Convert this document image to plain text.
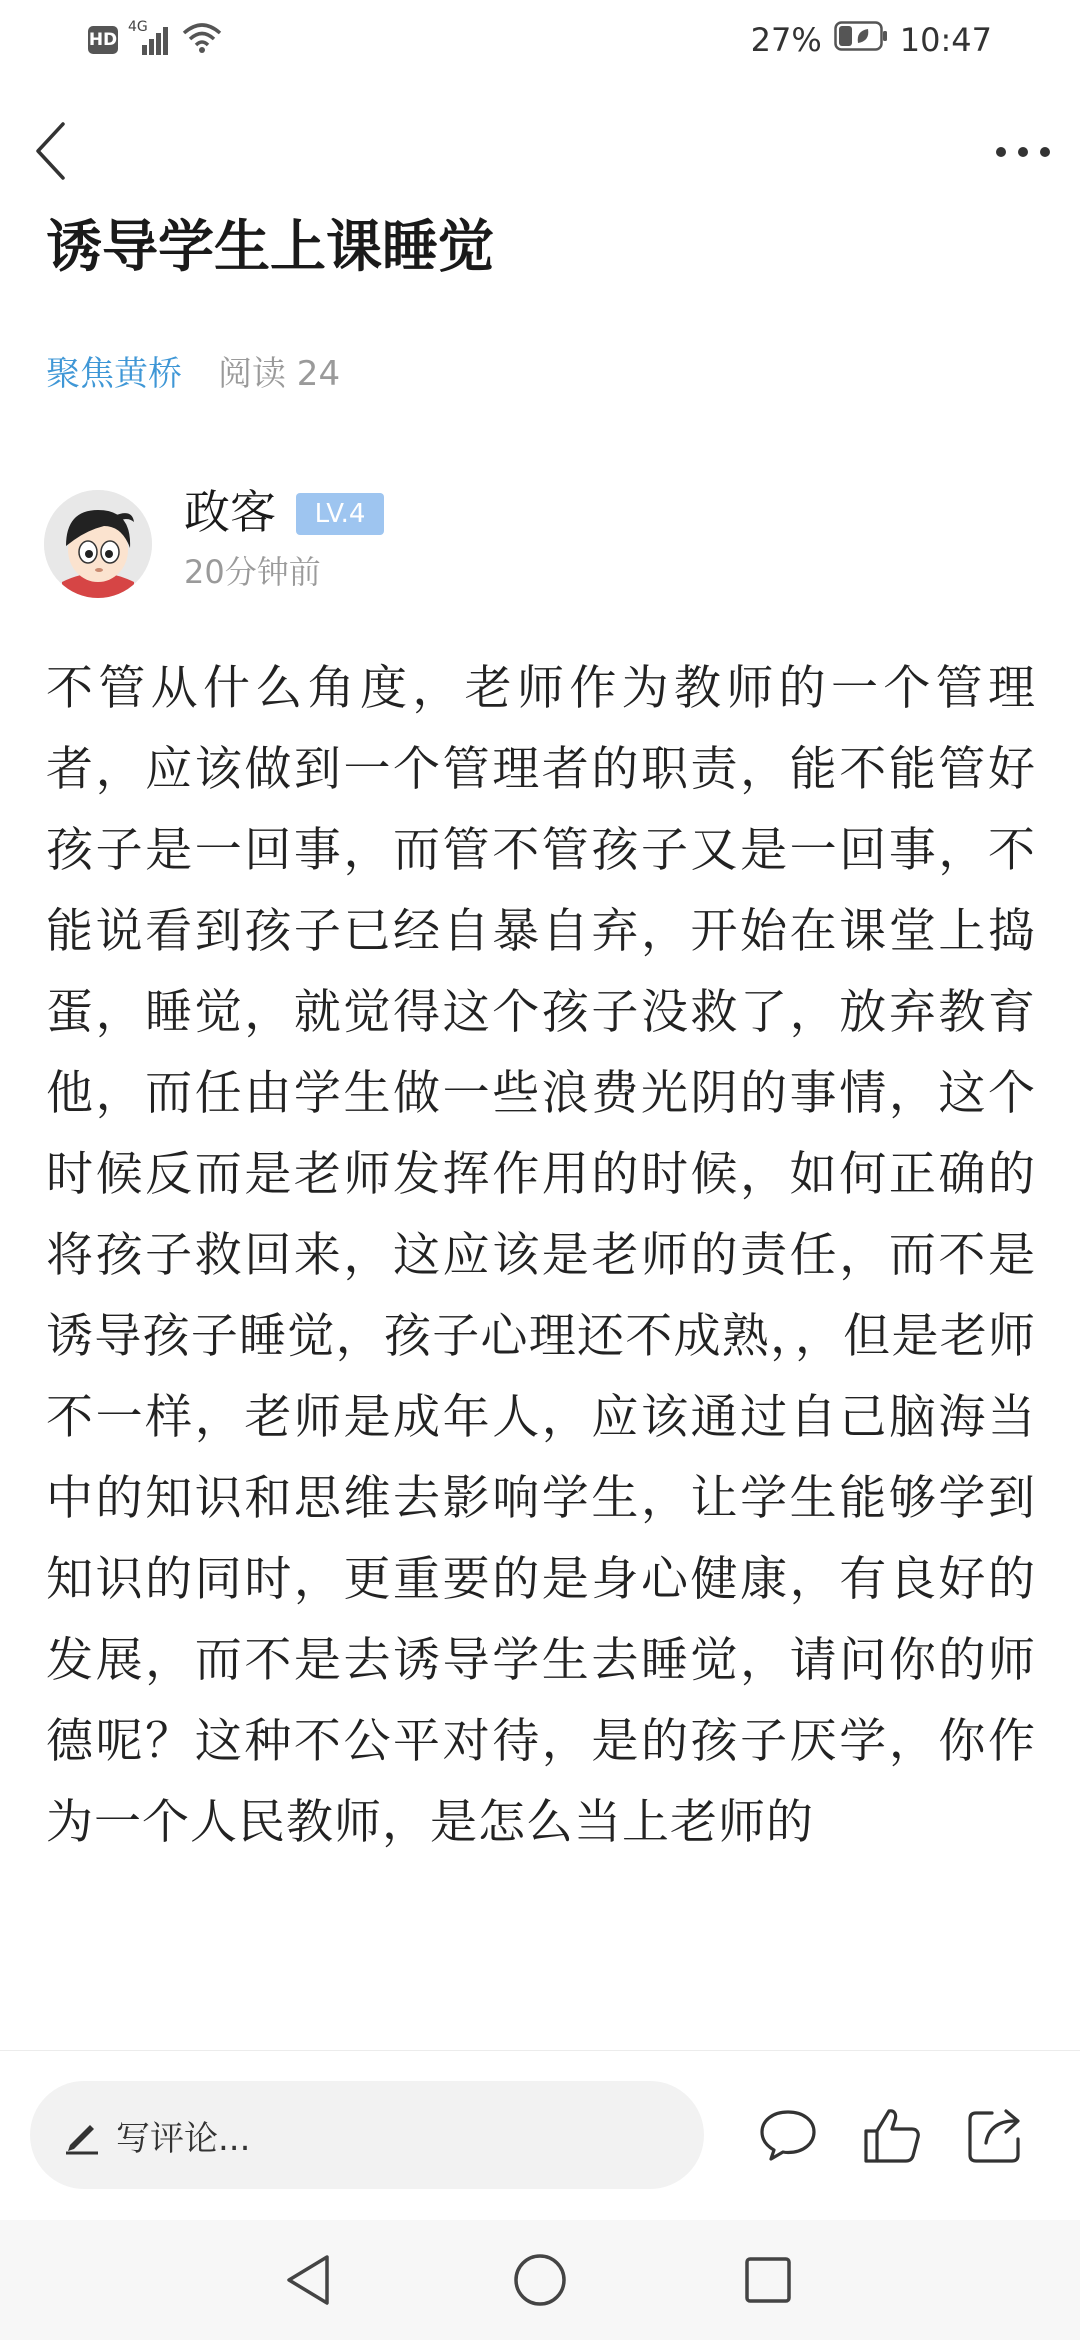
HD
4G	27% 10:47
诱导学生上课睡觉
聚焦黄桥 阅读 24
政客	LV.4
20分钟前
不管从什么角度，老师作为教师的一个管理者，应该做到一个管理者的职责，能不能管好孩子是一回事，而管不管孩子又是一回事，不能说看到孩子已经自暴自弃，开始在课堂上捣蛋，睡觉，就觉得这个孩子没救了，放弃教育他，而任由学生做一些浪费光阴的事情，这个时候反而是老师发挥作用的时候，如何正确的将孩子救回来，这应该是老师的责任，而不是诱导孩子睡觉，孩子心理还不成熟，，但是老师不一样，老师是成年人，应该通过自己脑海当中的知识和思维去影响学生，让学生能够学到知识的同时，更重要的是身心健康，有良好的发展，而不是去诱导学生去睡觉，请问你的师德呢？这种不公平对待，是的孩子厌学，你作为一个人民教师，是怎么当上老师的
写评论...
